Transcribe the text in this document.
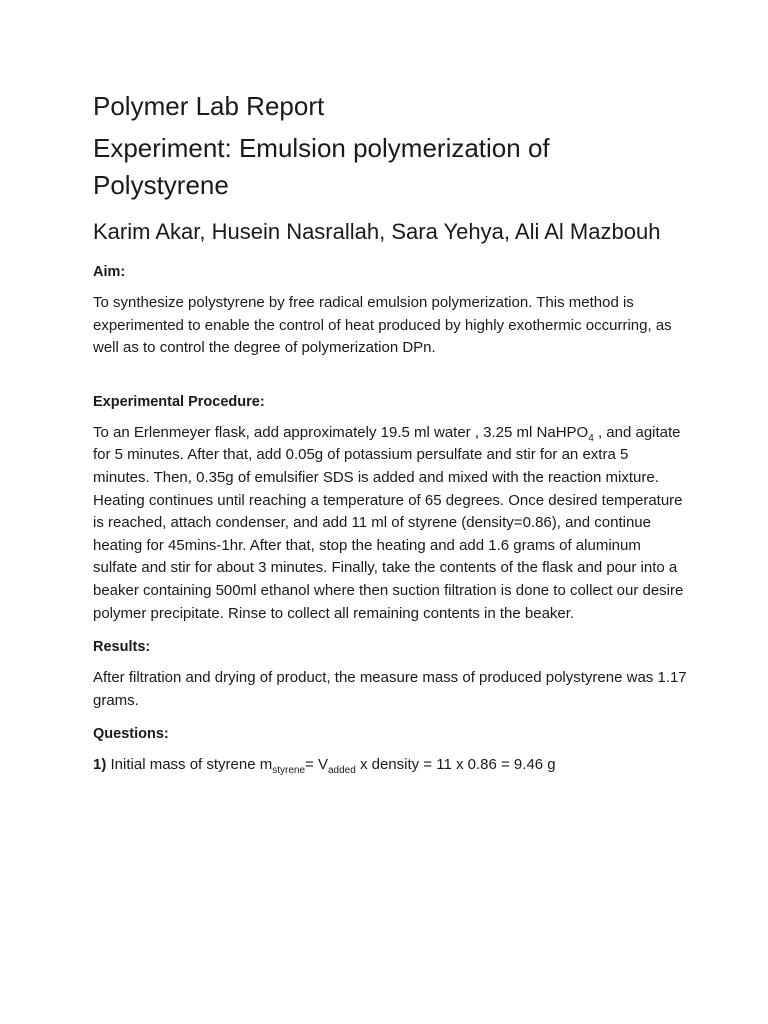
Polymer Lab Report
Experiment: Emulsion polymerization of Polystyrene
Karim Akar, Husein Nasrallah, Sara Yehya, Ali Al Mazbouh
Aim:

To synthesize polystyrene by free radical emulsion polymerization. This method is experimented to enable the control of heat produced by highly exothermic occurring, as well as to control the degree of polymerization DPn.

Experimental Procedure:

To an Erlenmeyer flask, add approximately 19.5 ml water , 3.25 ml NaHPO$_4$ , and agitate for 5 minutes. After that, add 0.05g of potassium persulfate and stir for an extra 5 minutes. Then, 0.35g of emulsifier SDS is added and mixed with the reaction mixture. Heating continues until reaching a temperature of 65 degrees. Once desired temperature is reached, attach condenser, and add 11 ml of styrene (density=0.86), and continue heating for 45mins-1hr. After that, stop the heating and add 1.6 grams of aluminum sulfate and stir for about 3 minutes. Finally, take the contents of the flask and pour into a beaker containing 500ml ethanol where then suction filtration is done to collect our desire polymer precipitate. Rinse to collect all remaining contents in the beaker.

Results:

After filtration and drying of product, the measure mass of produced polystyrene was 1.17 grams.

Questions:

1) Initial mass of styrene $m_{styrene}= V_{added}$ x density = 11 x 0.86 = 9.46 g
